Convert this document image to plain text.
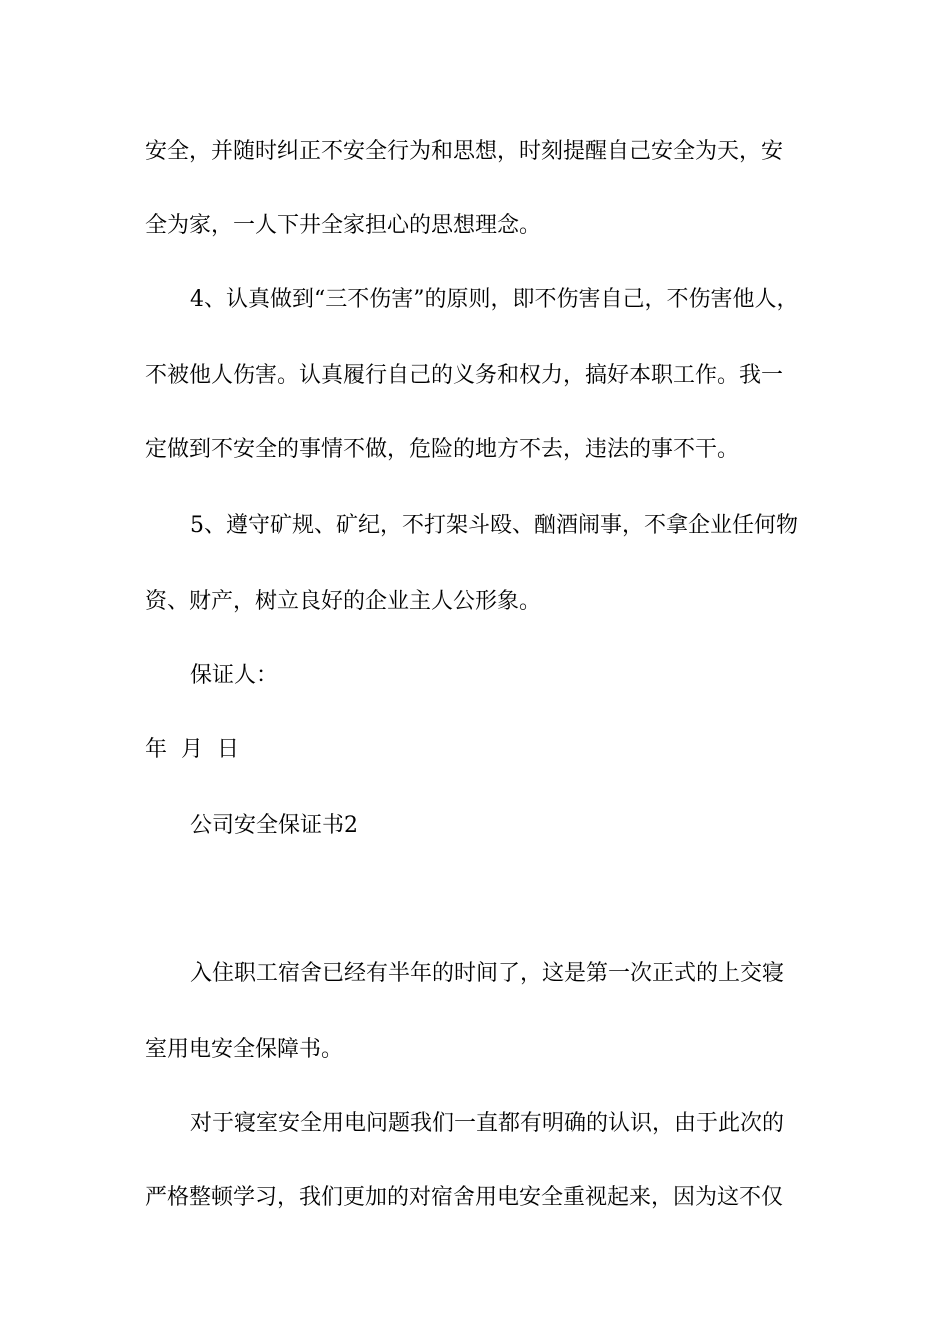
安全，并随时纠正不安全行为和思想，时刻提醒自己安全为天，安

全为家，一人下井全家担心的思想理念。

4、认真做到“三不伤害”的原则，即不伤害自己，不伤害他人，

不被他人伤害。认真履行自己的义务和权力，搞好本职工作。我一

定做到不安全的事情不做，危险的地方不去，违法的事不干。

5、遵守矿规、矿纪，不打架斗殴、酗酒闹事，不拿企业任何物

资、财产，树立良好的企业主人公形象。

保证人：

年  月  日

公司安全保证书2

入住职工宿舍已经有半年的时间了，这是第一次正式的上交寝

室用电安全保障书。

对于寝室安全用电问题我们一直都有明确的认识，由于此次的

严格整顿学习，我们更加的对宿舍用电安全重视起来，因为这不仅
